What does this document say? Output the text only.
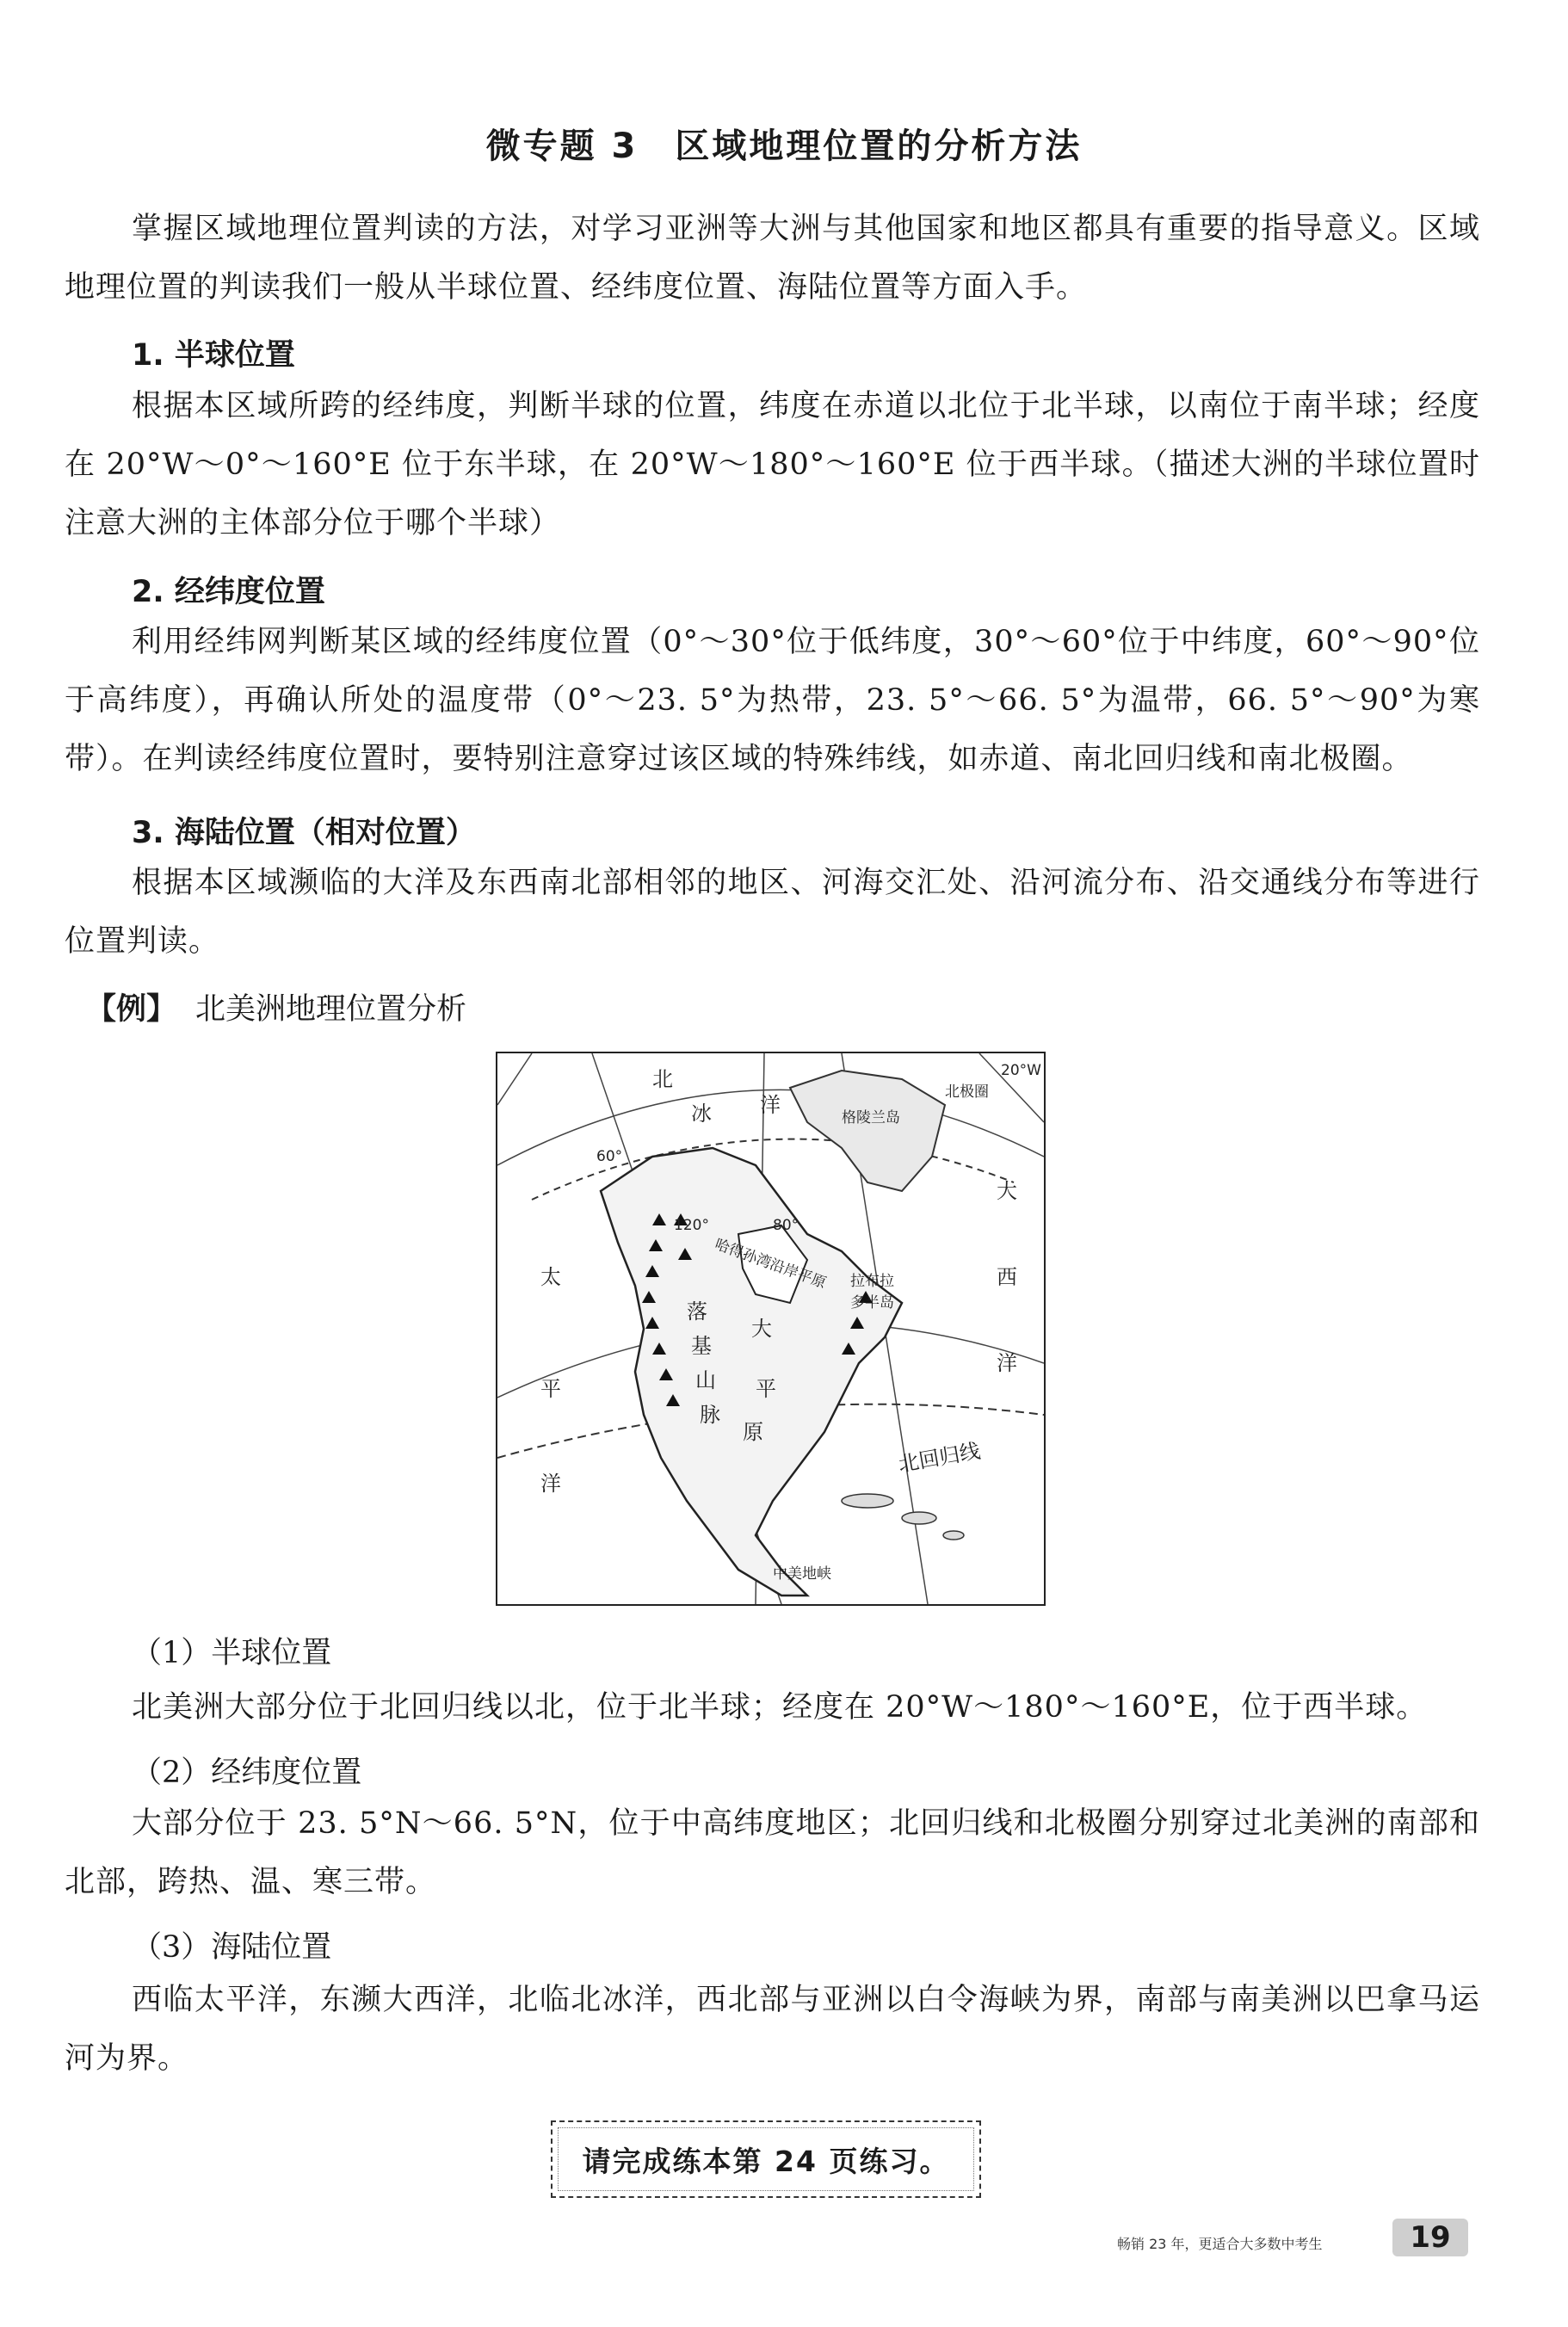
微专题 3　区域地理位置的分析方法
掌握区域地理位置判读的方法，对学习亚洲等大洲与其他国家和地区都具有重要的指导意义。区域地理位置的判读我们一般从半球位置、经纬度位置、海陆位置等方面入手。
1. 半球位置
根据本区域所跨的经纬度，判断半球的位置，纬度在赤道以北位于北半球，以南位于南半球；经度在 20°W～0°～160°E 位于东半球，在 20°W～180°～160°E 位于西半球。（描述大洲的半球位置时注意大洲的主体部分位于哪个半球）
2. 经纬度位置
利用经纬网判断某区域的经纬度位置（0°～30°位于低纬度，30°～60°位于中纬度，60°～90°位于高纬度），再确认所处的温度带（0°～23. 5°为热带，23. 5°～66. 5°为温带，66. 5°～90°为寒带）。在判读经纬度位置时，要特别注意穿过该区域的特殊纬线，如赤道、南北回归线和南北极圈。
3. 海陆位置（相对位置）
根据本区域濒临的大洋及东西南北部相邻的地区、河海交汇处、沿河流分布、沿交通线分布等进行位置判读。
【例】 北美洲地理位置分析
北
冰 洋
格陵兰岛
北极圈
20°W
60°
120°	80°
大
西
洋
太
平
洋
哈得孙湾沿岸平原 拉布拉多半岛
落
基
山
脉
大
平
原
北回归线
中美地峡
（1）半球位置
北美洲大部分位于北回归线以北，位于北半球；经度在 20°W～180°～160°E，位于西半球。
（2）经纬度位置
大部分位于 23. 5°N～66. 5°N，位于中高纬度地区；北回归线和北极圈分别穿过北美洲的南部和北部，跨热、温、寒三带。
（3）海陆位置
西临太平洋，东濒大西洋，北临北冰洋，西北部与亚洲以白令海峡为界，南部与南美洲以巴拿马运河为界。
请完成练本第 24 页练习。
畅销 23 年，更适合大多数中考生	19
